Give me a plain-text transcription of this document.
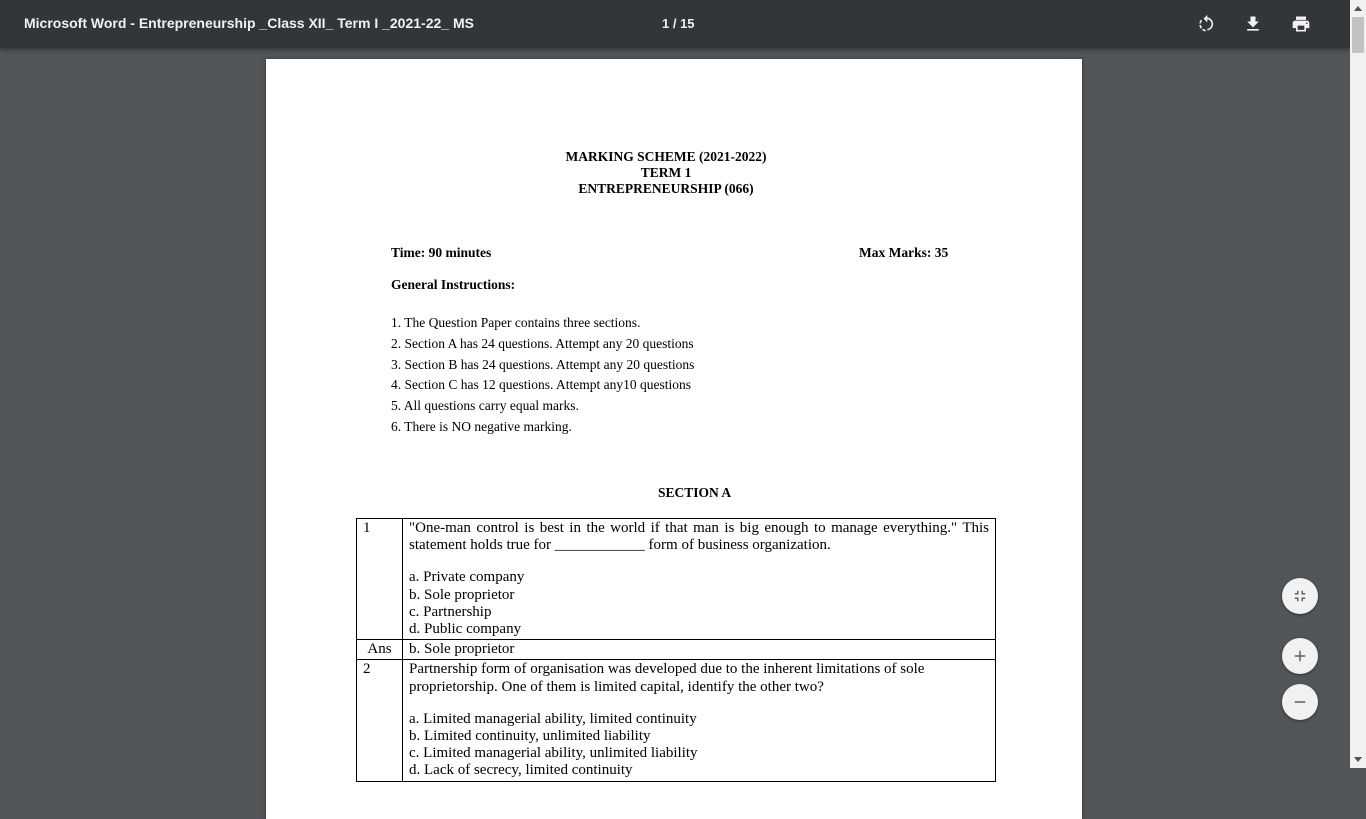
Microsoft Word - Entrepreneurship _Class XII_ Term I _2021-22_ MS	1 / 15
MARKING SCHEME (2021-2022)
TERM 1
ENTREPRENEURSHIP (066)
Time: 90 minutes	Max Marks: 35
General Instructions:
1. The Question Paper contains three sections.
2. Section A has 24 questions. Attempt any 20 questions
3. Section B has 24 questions. Attempt any 20 questions
4. Section C has 12 questions. Attempt any10 questions
5. All questions carry equal marks.
6. There is NO negative marking.
SECTION A
1	"One-man control is best in the world if that man is big enough to manage everything." This statement holds true for ____________ form of business organization.
a. Private company
b. Sole proprietor
c. Partnership
d. Public company

Ans	b. Sole proprietor
2	Partnership form of organisation was developed due to the inherent limitations of sole proprietorship. One of them is limited capital, identify the other two?
a. Limited managerial ability, limited continuity
b. Limited continuity, unlimited liability
c. Limited managerial ability, unlimited liability
d. Lack of secrecy, limited continuity
